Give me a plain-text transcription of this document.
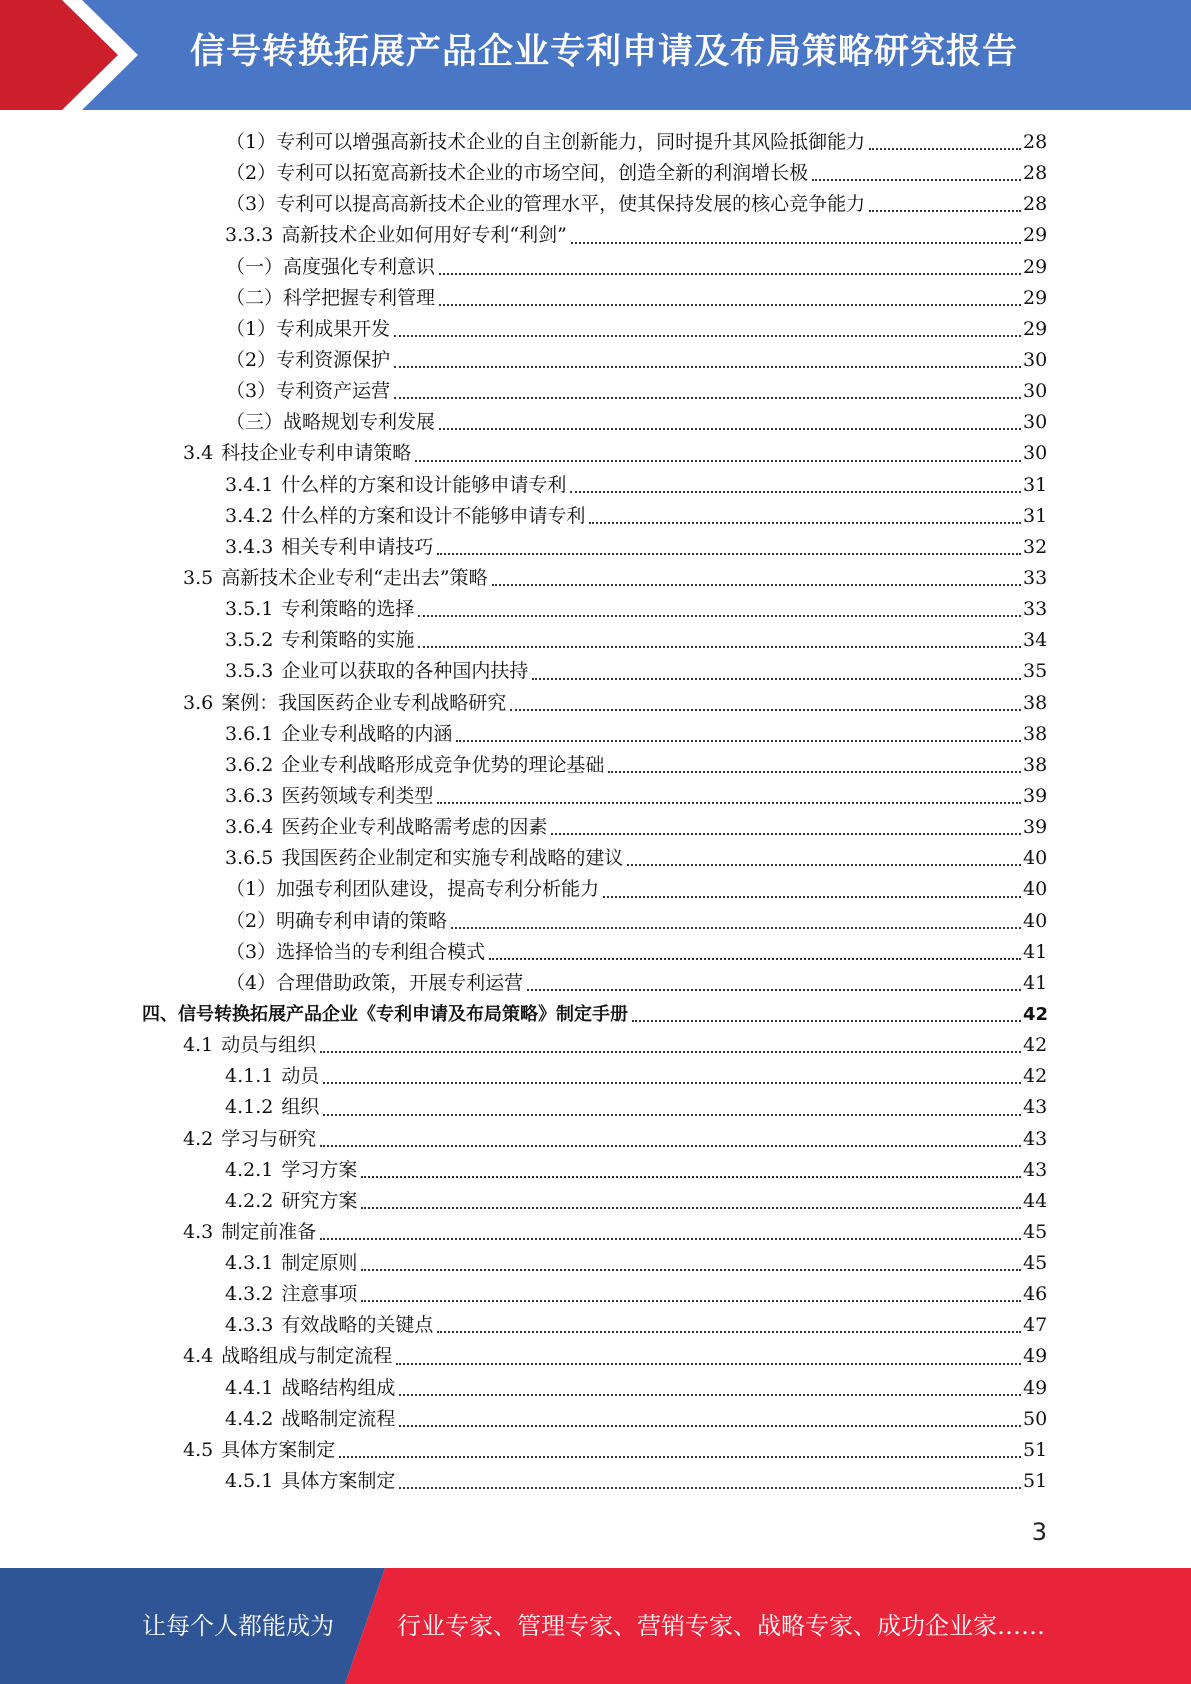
信号转换拓展产品企业专利申请及布局策略研究报告
（1）专利可以增强高新技术企业的自主创新能力，同时提升其风险抵御能力	28
（2）专利可以拓宽高新技术企业的市场空间，创造全新的利润增长极	28
（3）专利可以提高高新技术企业的管理水平，使其保持发展的核心竞争能力	28
3.3.3 高新技术企业如何用好专利“利剑”	29
（一）高度强化专利意识	29
（二）科学把握专利管理	29
（1）专利成果开发	29
（2）专利资源保护	30
（3）专利资产运营	30
（三）战略规划专利发展	30
3.4 科技企业专利申请策略	30
3.4.1 什么样的方案和设计能够申请专利	31
3.4.2 什么样的方案和设计不能够申请专利	31
3.4.3 相关专利申请技巧	32
3.5 高新技术企业专利“走出去”策略	33
3.5.1 专利策略的选择	33
3.5.2 专利策略的实施	34
3.5.3 企业可以获取的各种国内扶持	35
3.6 案例：我国医药企业专利战略研究	38
3.6.1 企业专利战略的内涵	38
3.6.2 企业专利战略形成竞争优势的理论基础	38
3.6.3 医药领域专利类型	39
3.6.4 医药企业专利战略需考虑的因素	39
3.6.5 我国医药企业制定和实施专利战略的建议	40
（1）加强专利团队建设，提高专利分析能力	40
（2）明确专利申请的策略	40
（3）选择恰当的专利组合模式	41
（4）合理借助政策，开展专利运营	41
四、信号转换拓展产品企业《专利申请及布局策略》制定手册	42
4.1 动员与组织	42
4.1.1 动员	42
4.1.2 组织	43
4.2 学习与研究	43
4.2.1 学习方案	43
4.2.2 研究方案	44
4.3 制定前准备	45
4.3.1 制定原则	45
4.3.2 注意事项	46
4.3.3 有效战略的关键点	47
4.4 战略组成与制定流程	49
4.4.1 战略结构组成	49
4.4.2 战略制定流程	50
4.5 具体方案制定	51
4.5.1 具体方案制定	51
3
让每个人都能成为	行业专家、管理专家、营销专家、战略专家、成功企业家……
